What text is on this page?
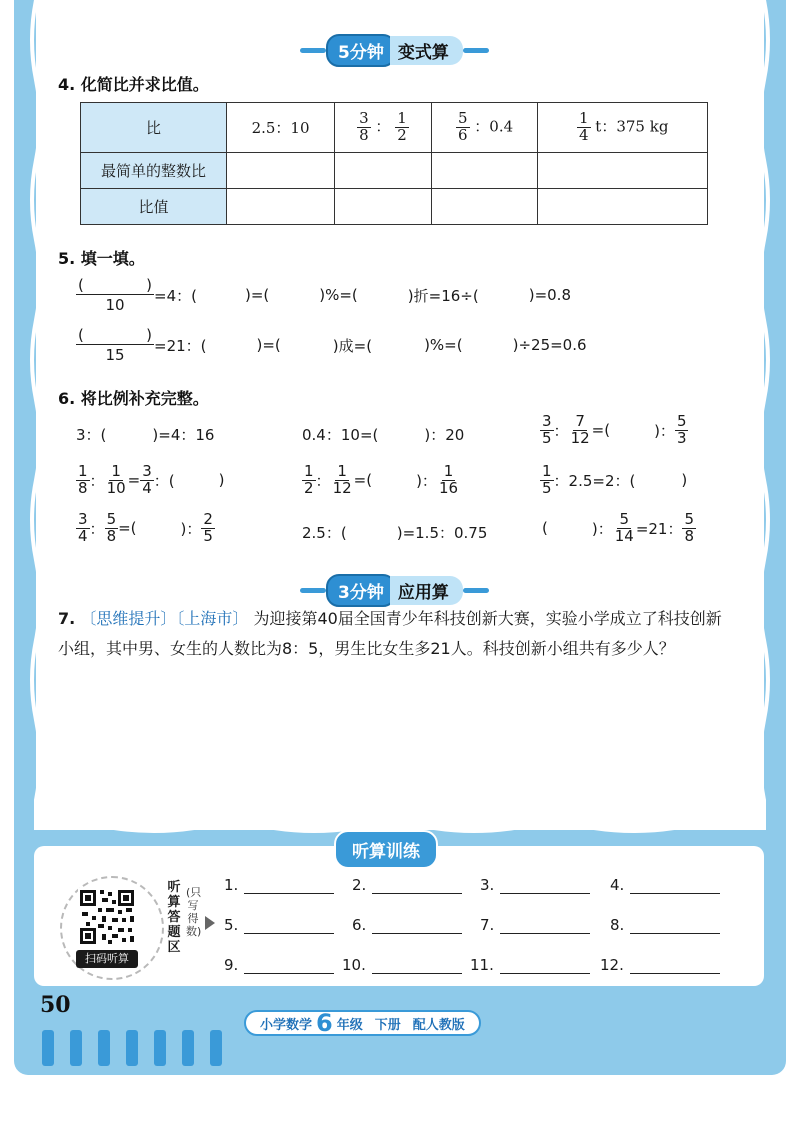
5分钟 变式算
4. 化简比并求比值。
比	2.5：10	$\frac{3}{8}$ ： $\frac{1}{2}$	$\frac{5}{6}$ ：0.4	$\frac{1}{4}$ t：375 kg
最简单的整数比				
比值				
5. 填一填。
(	)
10 =4：(	)=(	)%=(	)折=16÷(	)=0.8
(	)
15 =21：(	)=(	)成=(	)%=(	)÷25=0.6
6. 将比例补充完整。
3：(	)=4：16	0.4：10=(	)：20	$\frac{3}{5}$ ： $\frac{7}{12}$ =(	)： $\frac{5}{3}$
$\frac{1}{8}$ ： $\frac{1}{10} = \frac{3}{4}$ ：(	)	$\frac{1}{2}$ ： $\frac{1}{12}$ =(	)： $\frac{1}{16}$	$\frac{1}{5}$ ：2.5=2：(	)
$\frac{3}{4}$ ： $\frac{5}{8}$ =(	)： $\frac{2}{5}$	2.5：(	)=1.5：0.75	(	)： $\frac{5}{14} =21$： $\frac{5}{8}$
3分钟 应用算
7. 〔思维提升〕〔上海市〕 为迎接第40届全国青少年科技创新大赛，实验小学成立了科技创新小组，其中男、女生的人数比为8：5，男生比女生多21人。科技创新小组共有多少人？
听算训练
扫码听算
听算答题区
(只写得数)
1.	2.	3.	4.
5.	6.	7.	8.
9.	10.	11.	12.
50
小学数学 6 年级 下册 配人教版
